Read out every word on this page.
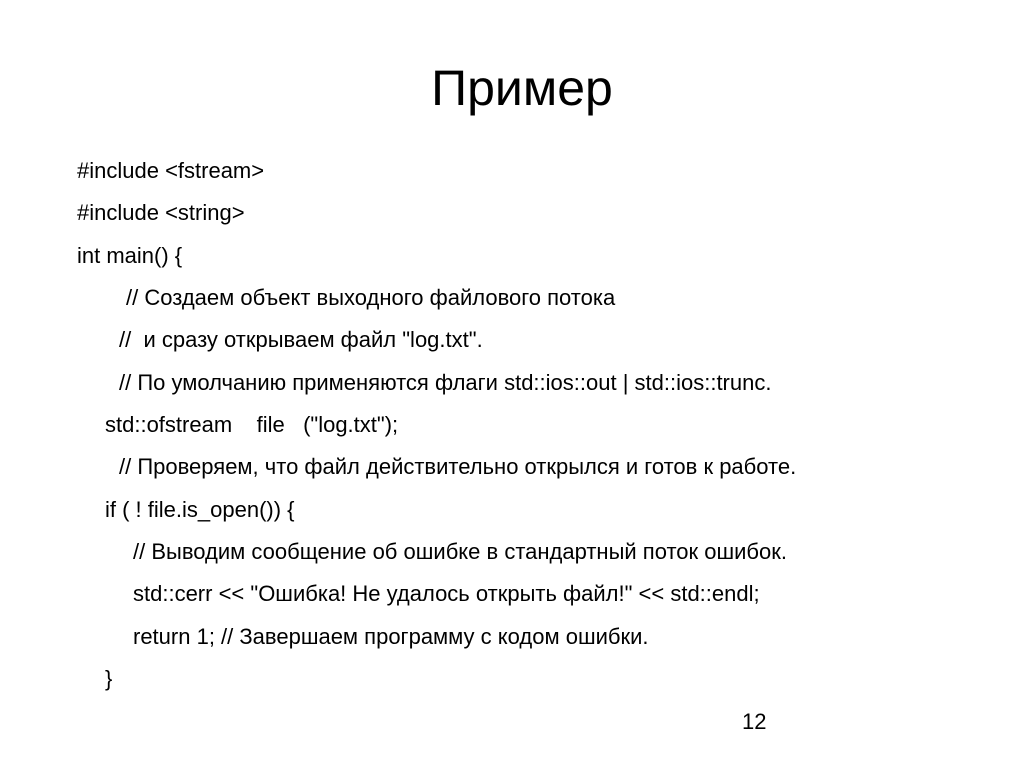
Пример
#include <fstream>
#include <string>
int main() {
// Создаем объект выходного файлового потока
//  и сразу открываем файл "log.txt".
// По умолчанию применяются флаги std::ios::out | std::ios::trunc.
std::ofstream    file   ("log.txt");
// Проверяем, что файл действительно открылся и готов к работе.
if ( ! file.is_open()) {
// Выводим сообщение об ошибке в стандартный поток ошибок.
std::cerr << "Ошибка! Не удалось открыть файл!" << std::endl;
return 1; // Завершаем программу с кодом ошибки.
}
12
